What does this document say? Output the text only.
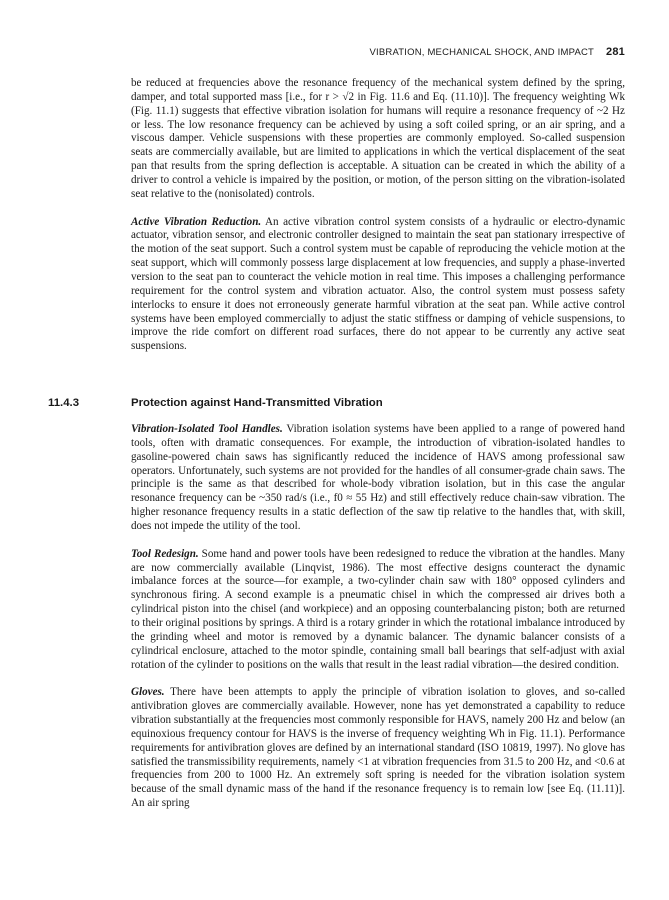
VIBRATION, MECHANICAL SHOCK, AND IMPACT 281

be reduced at frequencies above the resonance frequency of the mechanical system defined by the spring, damper, and total supported mass [i.e., for r > √2 in Fig. 11.6 and Eq. (11.10)]. The frequency weighting Wk (Fig. 11.1) suggests that effective vibration isolation for humans will require a resonance frequency of ~2 Hz or less. The low resonance frequency can be achieved by using a soft coiled spring, or an air spring, and a viscous damper. Vehicle suspensions with these properties are commonly employed. So-called suspension seats are commercially available, but are limited to applications in which the vertical displacement of the seat pan that results from the spring deflection is acceptable. A situation can be created in which the ability of a driver to control a vehicle is impaired by the position, or motion, of the person sitting on the vibration-isolated seat relative to the (nonisolated) controls.

Active Vibration Reduction. An active vibration control system consists of a hydraulic or electro-dynamic actuator, vibration sensor, and electronic controller designed to maintain the seat pan stationary irrespective of the motion of the seat support. Such a control system must be capable of reproducing the vehicle motion at the seat support, which will commonly possess large displacement at low frequencies, and supply a phase-inverted version to the seat pan to counteract the vehicle motion in real time. This imposes a challenging performance requirement for the control system and vibration actuator. Also, the control system must possess safety interlocks to ensure it does not erroneously generate harmful vibration at the seat pan. While active control systems have been employed commercially to adjust the static stiffness or damping of vehicle suspensions, to improve the ride comfort on different road surfaces, there do not appear to be currently any active seat suspensions.

11.4.3	Protection against Hand-Transmitted Vibration

Vibration-Isolated Tool Handles. Vibration isolation systems have been applied to a range of powered hand tools, often with dramatic consequences. For example, the introduction of vibration-isolated handles to gasoline-powered chain saws has significantly reduced the incidence of HAVS among professional saw operators. Unfortunately, such systems are not provided for the handles of all consumer-grade chain saws. The principle is the same as that described for whole-body vibration isolation, but in this case the angular resonance frequency can be ~350 rad/s (i.e., f0 ≈ 55 Hz) and still effectively reduce chain-saw vibration. The higher resonance frequency results in a static deflection of the saw tip relative to the handles that, with skill, does not impede the utility of the tool.

Tool Redesign. Some hand and power tools have been redesigned to reduce the vibration at the handles. Many are now commercially available (Linqvist, 1986). The most effective designs counteract the dynamic imbalance forces at the source—for example, a two-cylinder chain saw with 180° opposed cylinders and synchronous firing. A second example is a pneumatic chisel in which the compressed air drives both a cylindrical piston into the chisel (and workpiece) and an opposing counterbalancing piston; both are returned to their original positions by springs. A third is a rotary grinder in which the rotational imbalance introduced by the grinding wheel and motor is removed by a dynamic balancer. The dynamic balancer consists of a cylindrical enclosure, attached to the motor spindle, containing small ball bearings that self-adjust with axial rotation of the cylinder to positions on the walls that result in the least radial vibration—the desired condition.

Gloves. There have been attempts to apply the principle of vibration isolation to gloves, and so-called antivibration gloves are commercially available. However, none has yet demonstrated a capability to reduce vibration substantially at the frequencies most commonly responsible for HAVS, namely 200 Hz and below (an equinoxious frequency contour for HAVS is the inverse of frequency weighting Wh in Fig. 11.1). Performance requirements for antivibration gloves are defined by an international standard (ISO 10819, 1997). No glove has satisfied the transmissibility requirements, namely <1 at vibration frequencies from 31.5 to 200 Hz, and <0.6 at frequencies from 200 to 1000 Hz. An extremely soft spring is needed for the vibration isolation system because of the small dynamic mass of the hand if the resonance frequency is to remain low [see Eq. (11.11)]. An air spring
